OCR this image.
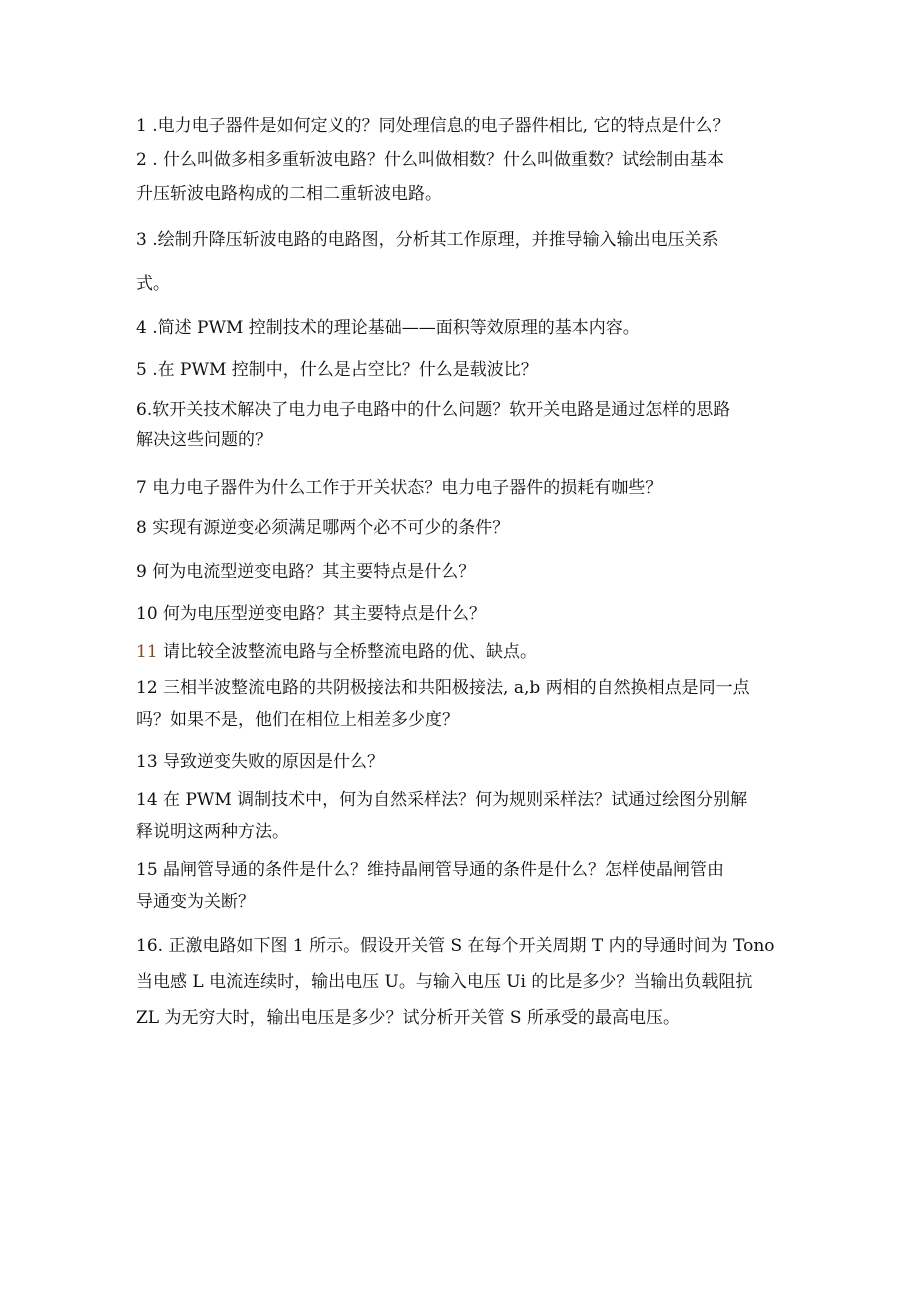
1 .电力电子器件是如何定义的？同处理信息的电子器件相比, 它的特点是什么？
2 . 什么叫做多相多重斩波电路？什么叫做相数？什么叫做重数？试绘制由基本
升压斩波电路构成的二相二重斩波电路。
3 .绘制升降压斩波电路的电路图，分析其工作原理，并推导输入输出电压关系
式。
4 .简述 PWM 控制技术的理论基础——面积等效原理的基本内容。
5 .在 PWM 控制中，什么是占空比？什么是载波比？
6.软开关技术解决了电力电子电路中的什么问题？软开关电路是通过怎样的思路
解决这些问题的？
7 电力电子器件为什么工作于开关状态？电力电子器件的损耗有咖些？
8 实现有源逆变必须满足哪两个必不可少的条件？
9 何为电流型逆变电路？其主要特点是什么？
10 何为电压型逆变电路？其主要特点是什么？
11 请比较全波整流电路与全桥整流电路的优、缺点。
12 三相半波整流电路的共阴极接法和共阳极接法, a,b 两相的自然换相点是同一点
吗？如果不是，他们在相位上相差多少度？
13 导致逆变失败的原因是什么？
14 在 PWM 调制技术中，何为自然采样法？何为规则采样法？试通过绘图分别解
释说明这两种方法。
15 晶闸管导通的条件是什么？维持晶闸管导通的条件是什么？怎样使晶闸管由
导通变为关断？
16. 正激电路如下图 1 所示。假设开关管 S 在每个开关周期 T 内的导通时间为 Tono
当电感 L 电流连续时，输出电压 U。与输入电压 Ui 的比是多少？当输出负载阻抗
ZL 为无穷大时，输出电压是多少？试分析开关管 S 所承受的最高电压。
